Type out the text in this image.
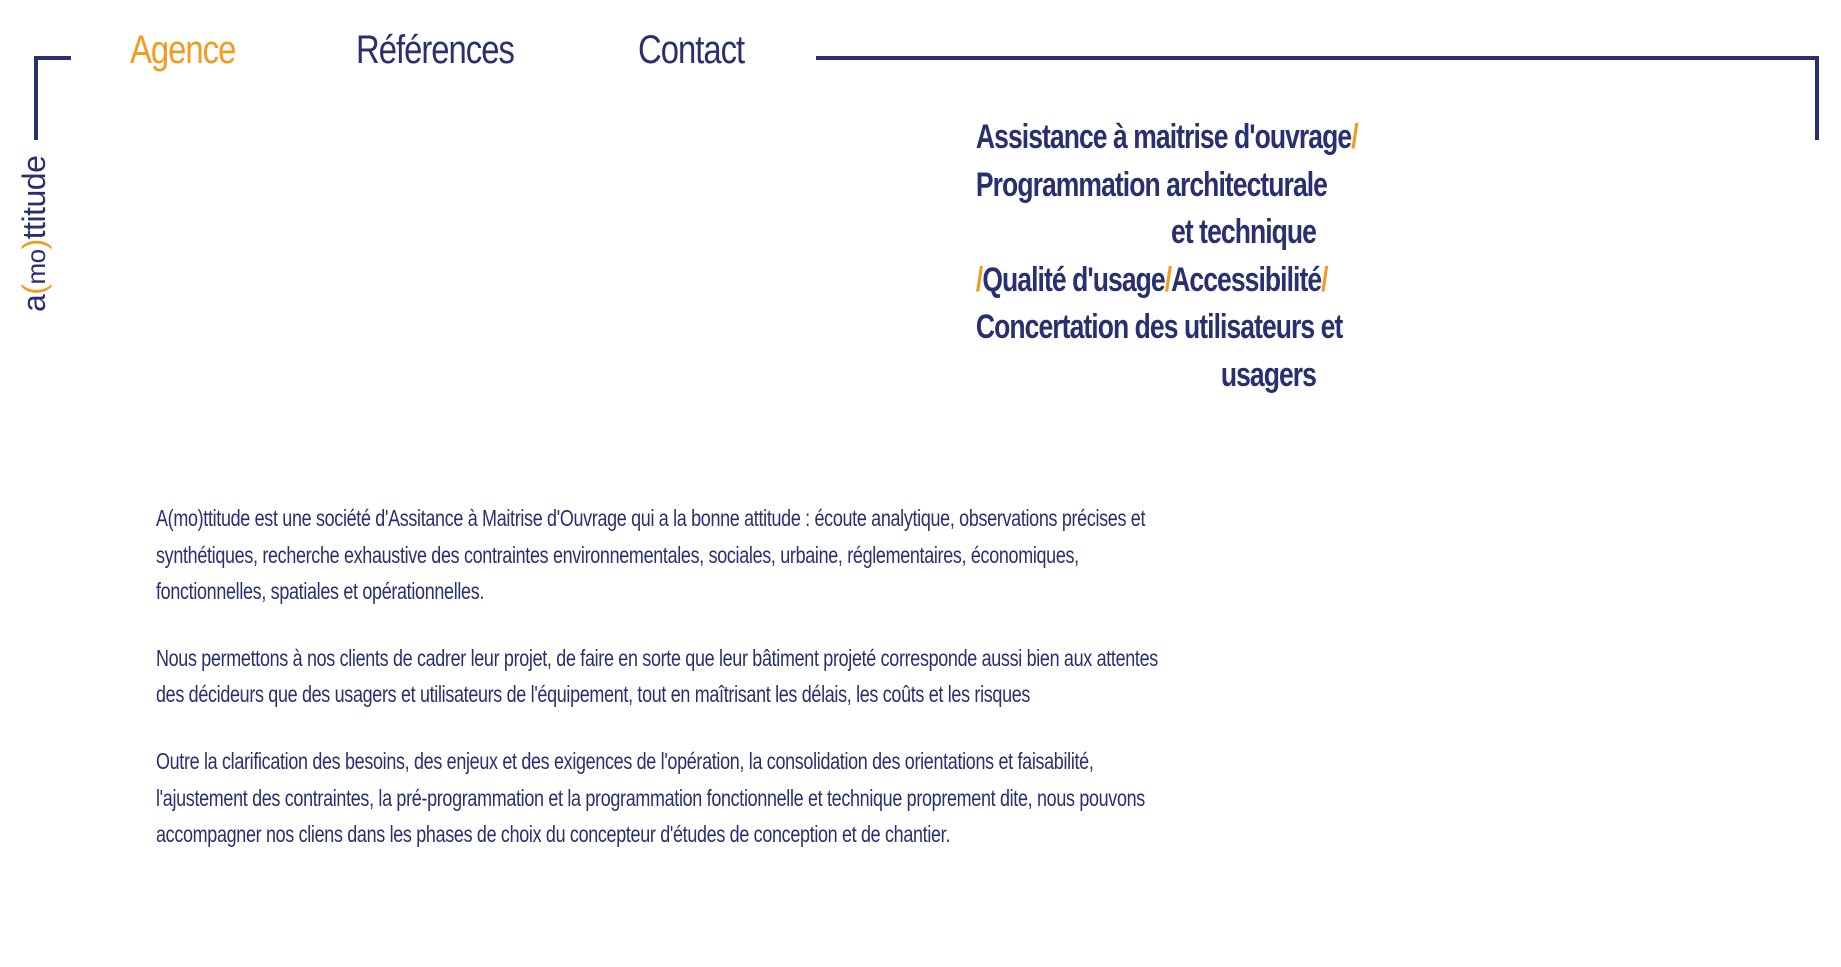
a(mo)ttitude
Agence	Références	Contact
Assistance à maitrise d'ouvrage/
Programmation architecturale
et technique
/Qualité d'usage/Accessibilité/
Concertation des utilisateurs et
usagers

A(mo)ttitude est une société d'Assitance à Maitrise d'Ouvrage qui a la bonne attitude : écoute analytique, observations précises et synthétiques, recherche exhaustive des contraintes environnementales, sociales, urbaine, réglementaires, économiques, fonctionnelles, spatiales et opérationnelles.

Nous permettons à nos clients de cadrer leur projet, de faire en sorte que leur bâtiment projeté corresponde aussi bien aux attentes des décideurs que des usagers et utilisateurs de l'équipement, tout en maîtrisant les délais, les coûts et les risques

Outre la clarification des besoins, des enjeux et des exigences de l'opération, la consolidation des orientations et faisabilité, l'ajustement des contraintes, la pré-programmation et la programmation fonctionnelle et technique proprement dite, nous pouvons accompagner nos cliens dans les phases de choix du concepteur d'études de conception et de chantier.
